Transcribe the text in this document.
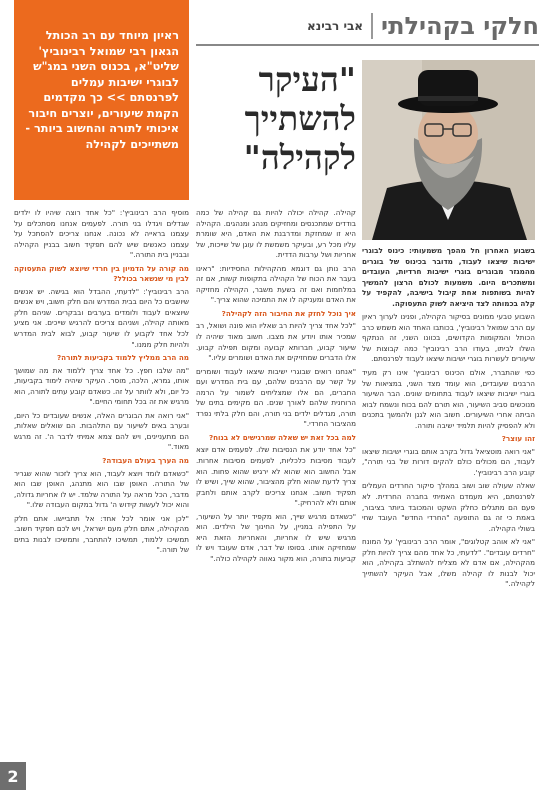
ראיון מיוחד עם רב הכותל הגאון רבי שמואל רבינוביץ' שליט"א, בכנוס השני במג"ש לבוגרי ישיבות עמלים לפרנסתם >> כך מקדמים הקמת שיעורים, יוצרים חיבור איכותי לתורה והחשוב ביותר - משתייכים לקהילה
חלקי בקהילתי
אבי רבינא
"העיקר
להשתייך
לקהילה"

בשבוע האחרון חל מהפך משמעותי: כינוס לבוגרי ישיבות שיצאו לעבוד, מדובר בכינוס של בוגרים מהמגזר מבוגרים בוגרי ישיבות חרדיות, העובדים ומשתכרים היום. משמעות לכולם הרצון להמשיך להיות בשותפות אחת קיבול בישיבה, להקפיד על קלה בכמותה לצד היציאה לשוק התעסוקה.

השבוע טבעי ממונים בסיקור הקהילה, ופנינו לערוך ראיון עם הרב שמואל רבינוביץ', בכותבו האחד הוא משמש כרב הכותל והמקומות הקדושים, בכוונו השני, זה הנתקף השלו לביתו, בעודו הרב רבינוביץ' כמה קבוצות של שיעורים לעשרות בוגרי ישיבות שיצאו לעבוד לפרנסתם.

כפי שהתברר, אולם הכינוס רבינוביץ' אינו רק מעיד הרבנים שעובדים, הוא עומד מצד השני, במציאות של בוגרי ישיבות שיצאו לעבוד בתחומים שונים. הבר השיעור מנוכשים סביב השיעור, הוא תורם להם בכוח ונשמח לבוא הביתה אחרי השיעורים. חשוב הוא לגנן ולהמשך בתכנים ולא להפסיק להיות תלמיד ישיבה ותורה.

זהו עוצר?

"אני רואה מוטציאל גדול בקרב אותם בוגרי ישיבות שיצאו לעבוד, הם מכולים כולם להקים דורות של בני תורה", קובע הרב רבינוביץ'.

שאלה שעולה שוב ושוב במהלך סיקור החרדים העמלים לפרנסתם, היא מעמדם האמיתי בחברה החרדית. לא פעם הם מתגלים כחלק השקט והמכובד ביותר בציבור, באמת כי זה גם התופעה "החרדי החדש" העובד שחי בשולי הקהילה.

"אני לא אוהב קטלוגים", אומר הרב רבינוביץ' על המונח "חרדים עובדים". "לדעתי, כל אחד מהם צריך להיות חלק מהקהילה, אם אדם לא מצליח להשתלב בקהילה, הוא יכול לבנות לו קהילה משלו, אבל העיקר להשתייך לקהילה."

קהילה. קהילה יכולה להיות גם קהילה של כמה בודדים שמתכנסים ומחזיקים מנהג ומנהגים. הקהילה היא זו שמחזקת ומדרבנת את האדם, היא שומרת עליו מכל רע, ובעיקר משמשת לו עוגן של שייכות, של אחריות ושל ערבות הדדית.

הרב נותן גם דוגמא מהקהילות החסידיות: "ראינו בעבר את הכוח של הקהילה בתקופות קשות, אם זה במלחמות ואם זה בשעת משבר, הקהילה מחזיקה את האדם ומעניקה לו את התמיכה שהוא צריך."

איך נוכל לחזק את החיבור הזה לקהילה?

"לכל אחד צריך להיות רב שאליו הוא פונה ושואל, רב שמכיר אותו ויודע את מצבו. חשוב מאוד שיהיה לו שיעור קבוע, חברותא קבועה ומקום תפילה קבוע. אלו הדברים שמחזיקים את האדם ושומרים עליו."

"אנחנו רואים שבוגרי ישיבות שיצאו לעבוד ושומרים על קשר עם הרבנים שלהם, עם בית המדרש ועם החברים, הם אלו שמצליחים לשמור על הרמה הרוחנית שלהם לאורך שנים. הם מקימים בתים של תורה, מגדלים ילדים בני תורה, והם חלק בלתי נפרד מהציבור החרדי."

למה בכל זאת יש שאלה שמרגישים לא בנוח?

"כל אחד יודע את הנסיבות שלו. לפעמים אדם יוצא לעבוד מסיבות כלכליות, לפעמים מסיבות אחרות. אבל החשוב הוא שהוא לא ירגיש שהוא פחות. הוא צריך לדעת שהוא חלק מהציבור, שהוא שייך, ושיש לו תפקיד חשוב. אנחנו צריכים לקרב אותם ולחבק אותם ולא להרחיק."

"כשאדם מרגיש שייך, הוא מקפיד יותר על השיעור, על התפילה במניין, על החינוך של הילדים. הוא מרגיש שיש לו אחריות, והאחריות הזאת היא שמחזיקה אותו. בסופו של דבר, אדם שעובד ויש לו קביעות בתורה, הוא מקור גאווה לקהילה כולה."

מוסיף הרב רבינוביץ': "כל אחד רוצה שיהיו לו ילדים שגדלים ויגדלו בני תורה. לפעמים אנחנו מסתכלים על עצמנו בראייה לא נכונה. אנחנו צריכים להסתכל על עצמנו כאנשים שיש להם תפקיד חשוב בבניין הקהילה ובבניין בית התורה."

מה קורה על הדמיון בין חרדי שיוצא לשוק התעסוקה לבין מי שנשאר בכולל?

הרב רבינוביץ': "לדעתי, ההבדל הוא בגישה. יש אנשים שיושבים כל היום בבית המדרש והם חלק חשוב, ויש אנשים שיוצאים לעבוד ולומדים בערבים ובבקרים. שניהם חלק מאותה קהילה, ושניהם צריכים להרגיש שייכים. אני מציע לכל אחד לקבוע לו שיעור קבוע, לבוא לבית המדרש ולהיות חלק ממנו."

מה הרב ממליץ ללמוד בקביעות לתורה?

"מה שלבו חפץ. כל אחד צריך ללמוד את מה שמושך אותו, גמרא, הלכה, מוסר. העיקר שיהיה לימוד בקביעות, כל יום, ולא לוותר על זה. כשאדם קובע עתים לתורה, הוא מרגיש את זה בכל תחומי החיים."

"אני רואה את הבוגרים האלה, אנשים שעובדים כל היום, ובערב באים לשיעור עם התלהבות. הם שואלים שאלות, הם מתעניינים, ויש להם צמא אמיתי לדבר ה'. זה מרגש מאוד."

מה הערך בעולם העבודה?

"כשאדם לומד ויוצא לעבוד, הוא צריך לזכור שהוא שגריר של התורה. האופן שבו הוא מתנהג, האופן שבו הוא מדבר, הכל מראה על התורה שלמד. יש לו אחריות גדולה, והוא יכול לעשות קידוש ה' גדול במקום העבודה שלו."

"לכן אני אומר לכל אחד: אל תתביישו. אתם חלק מהקהילה, אתם חלק מעם ישראל, ויש לכם תפקיד חשוב. תמשיכו ללמוד, תמשיכו להתחבר, ותמשיכו לבנות בתים של תורה."

2
